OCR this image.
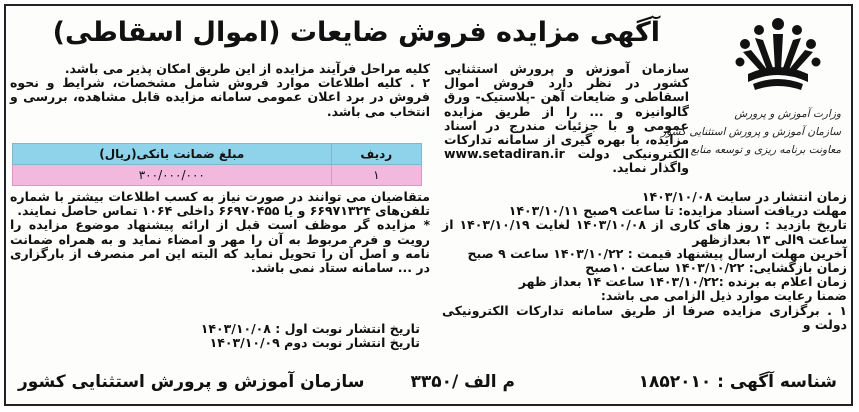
آگهی مزایده فروش ضایعات (اموال اسقاطی)
وزارت آموزش و پرورش
سازمان آموزش و پرورش استثنایی کشور
معاونت برنامه ریزی و توسعه منابع

سازمان آموزش و پرورش استثنایی کشور در نظر دارد فروش اموال اسقاطی و ضایعات آهن -پلاستیک- ورق گالوانیزه و ... را از طریق مزایده عمومی و با جزئیات مندرج در اسناد مزایده، با بهره گیری از سامانه تدارکات الکترونیکی دولت www.setadiran.ir واگذار نماید.

زمان انتشار در سایت ۱۴۰۳/۱۰/۰۸

مهلت دریافت اسناد مزایده: تا ساعت ۹صبح ۱۴۰۳/۱۰/۱۱

تاریخ بازدید : روز های کاری از ۱۴۰۳/۱۰/۰۸ لغایت ۱۴۰۳/۱۰/۱۹ از ساعت ۹الی ۱۳ بعدازظهر

آخرین مهلت ارسال پیشنهاد قیمت : ۱۴۰۳/۱۰/۲۲ ساعت ۹ صبح

زمان بازگشایی: ۱۴۰۳/۱۰/۲۲ ساعت ۱۰صبح

زمان اعلام به برنده :۱۴۰۳/۱۰/۲۲ ساعت ۱۴ بعداز ظهر

ضمنا رعایت موارد ذیل الزامی می باشد:

۱ . برگزاری مزایده صرفا از طریق سامانه تدارکات الکترونیکی دولت و

کلیه مراحل فرآیند مزایده از این طریق امکان پذیر می باشد.

۲ . کلیه اطلاعات موارد فروش شامل مشخصات، شرایط و نحوه فروش در برد اعلان عمومی سامانه مزایده قابل مشاهده، بررسی و انتخاب می باشد.

ردیف	مبلغ ضمانت بانکی(ریال)
۱	۳۰۰/۰۰۰/۰۰۰

متقاضیان می توانند در صورت نیاز به کسب اطلاعات بیشتر با شماره تلفن‌های ۶۶۹۷۱۳۲۴ و یا ۶۶۹۷۰۴۵۵ داخلی ۱۰۶۴ تماس حاصل نمایند.

* مزایده گر موظف است قبل از ارائه پیشنهاد موضوع مزایده را رویت و فرم مربوط به آن را مهر و امضاء نماید و به همراه ضمانت نامه و اصل آن را تحویل نماید که البته این امر منصرف از بارگزاری در ... سامانه ستاد نمی باشد.

تاریخ انتشار نوبت اول : ۱۴۰۳/۱۰/۰۸

تاریخ انتشار نوبت دوم ۱۴۰۳/۱۰/۰۹

شناسه آگهی : ۱۸۵۲۰۱۰
م الف /۳۳۵۰
سازمان آموزش و پرورش استثنایی کشور
